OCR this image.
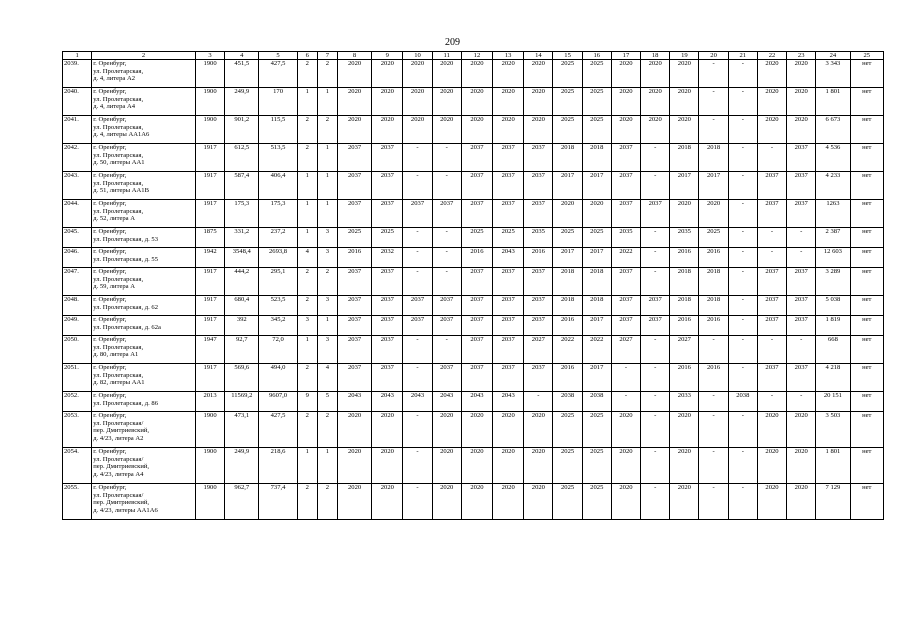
209
1	2	3	4	5	6	7	8	9	10	11	12	13	14	15	16	17	18	19	20	21	22	23	24	25
2039.	г. Оренбург,
ул. Пролетарская,
д. 4, литера А2	1900	451,5	427,5	2	2	2020	2020	2020	2020	2020	2020	2020	2025	2025	2020	2020	2020	-	-	2020	2020	3 343	нет
2040.	г. Оренбург,
ул. Пролетарская,
д. 4, литера А4	1900	249,9	170	1	1	2020	2020	2020	2020	2020	2020	2020	2025	2025	2020	2020	2020	-	-	2020	2020	1 801	нет
2041.	г. Оренбург,
ул. Пролетарская,
д. 4, литеры АА1А6	1900	901,2	115,5	2	2	2020	2020	2020	2020	2020	2020	2020	2025	2025	2020	2020	2020	-	-	2020	2020	6 673	нет
2042.	г. Оренбург,
ул. Пролетарская,
д. 50, литеры АА1	1917	612,5	513,5	2	1	2037	2037	-	-	2037	2037	2037	2018	2018	2037	-	2018	2018	-	-	2037	4 536	нет
2043.	г. Оренбург,
ул. Пролетарская,
д. 51, литеры АА1В	1917	587,4	406,4	1	1	2037	2037	-	-	2037	2037	2037	2017	2017	2037	-	2017	2017	-	2037	2037	4 233	нет
2044.	г. Оренбург,
ул. Пролетарская,
д. 52, литера А	1917	175,3	175,3	1	1	2037	2037	2037	2037	2037	2037	2037	2020	2020	2037	2037	2020	2020	-	2037	2037	1263	нет
2045.	г. Оренбург,
ул. Пролетарская, д. 53	1875	331,2	237,2	1	3	2025	2025	-	-	2025	2025	2035	2025	2025	2035	-	2035	2025	-	-	-	2 387	нет
2046.	г. Оренбург,
ул. Пролетарская, д. 55	1942	3548,4	2693,8	4	3	2016	2032	-	-	2016	2043	2016	2017	2017	2022	-	2016	2016	-	-	-	12 603	нет
2047.	г. Оренбург,
ул. Пролетарская,
д. 59, литера А	1917	444,2	295,1	2	2	2037	2037	-	-	2037	2037	2037	2018	2018	2037	-	2018	2018	-	2037	2037	3 289	нет
2048.	г. Оренбург,
ул. Пролетарская, д. 62	1917	680,4	523,5	2	3	2037	2037	2037	2037	2037	2037	2037	2018	2018	2037	2037	2018	2018	-	2037	2037	5 038	нет
2049.	г. Оренбург,
ул. Пролетарская, д. 62а	1917	392	345,2	3	1	2037	2037	2037	2037	2037	2037	2037	2016	2017	2037	2037	2016	2016	-	2037	2037	1 819	нет
2050.	г. Оренбург,
ул. Пролетарская,
д. 80, литера А1	1947	92,7	72,0	1	3	2037	2037	-	-	2037	2037	2027	2022	2022	2027	-	2027	-	-	-	-	668	нет
2051.	г. Оренбург,
ул. Пролетарская,
д. 82, литеры АА1	1917	569,6	494,0	2	4	2037	2037	-	2037	2037	2037	2037	2016	2017	-	-	2016	2016	-	2037	2037	4 218	нет
2052.	г. Оренбург,
ул. Пролетарская, д. 86	2013	11569,2	9607,0	9	5	2043	2043	2043	2043	2043	2043	-	2038	2038	-	-	2033	-	2038	-	-	20 151	нет
2053.	г. Оренбург,
ул. Пролетарская/
пер. Дмитриевский,
д. 4/23, литера А2	1900	473,1	427,5	2	2	2020	2020	-	2020	2020	2020	2020	2025	2025	2020	-	2020	-	-	2020	2020	3 503	нет
2054.	г. Оренбург,
ул. Пролетарская/
пер. Дмитриевский,
д. 4/23, литера А4	1900	249,9	218,6	1	1	2020	2020	-	2020	2020	2020	2020	2025	2025	2020	-	2020	-	-	2020	2020	1 801	нет
2055.	г. Оренбург,
ул. Пролетарская/
пер. Дмитриевский,
д. 4/23, литеры АА1А6	1900	962,7	737,4	2	2	2020	2020	-	2020	2020	2020	2020	2025	2025	2020	-	2020	-	-	2020	2020	7 129	нет
